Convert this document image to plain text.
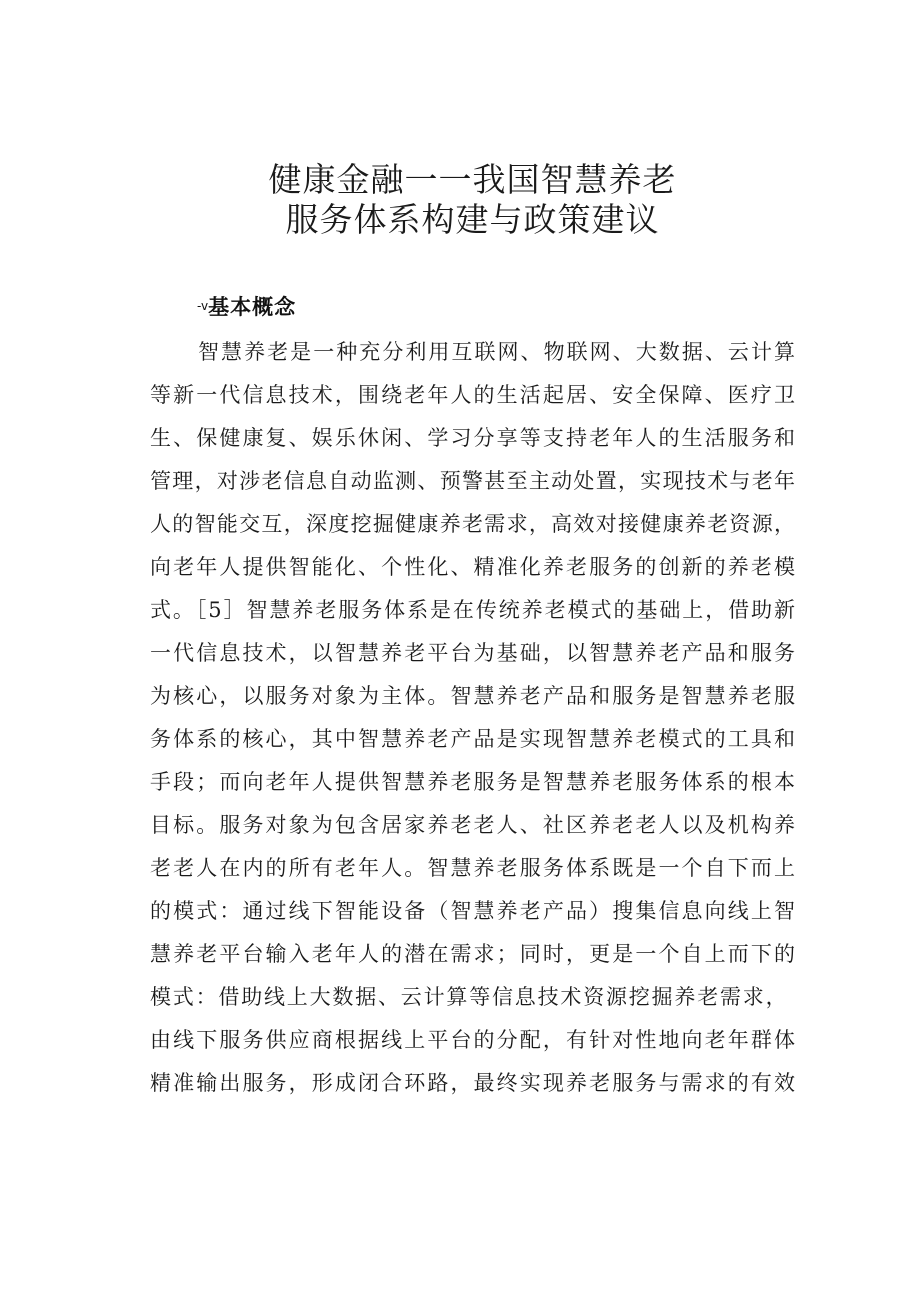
健康金融一一我国智慧养老
服务体系构建与政策建议
-v基本概念
智慧养老是一种充分利用互联网、物联网、大数据、云计算
等新一代信息技术，围绕老年人的生活起居、安全保障、医疗卫
生、保健康复、娱乐休闲、学习分享等支持老年人的生活服务和
管理，对涉老信息自动监测、预警甚至主动处置，实现技术与老年
人的智能交互，深度挖掘健康养老需求，高效对接健康养老资源，
向老年人提供智能化、个性化、精准化养老服务的创新的养老模
式。［5］智慧养老服务体系是在传统养老模式的基础上，借助新
一代信息技术，以智慧养老平台为基础，以智慧养老产品和服务
为核心，以服务对象为主体。智慧养老产品和服务是智慧养老服
务体系的核心，其中智慧养老产品是实现智慧养老模式的工具和
手段；而向老年人提供智慧养老服务是智慧养老服务体系的根本
目标。服务对象为包含居家养老老人、社区养老老人以及机构养
老老人在内的所有老年人。智慧养老服务体系既是一个自下而上
的模式：通过线下智能设备（智慧养老产品）搜集信息向线上智
慧养老平台输入老年人的潜在需求；同时，更是一个自上而下的
模式：借助线上大数据、云计算等信息技术资源挖掘养老需求，
由线下服务供应商根据线上平台的分配，有针对性地向老年群体
精准输出服务，形成闭合环路，最终实现养老服务与需求的有效
